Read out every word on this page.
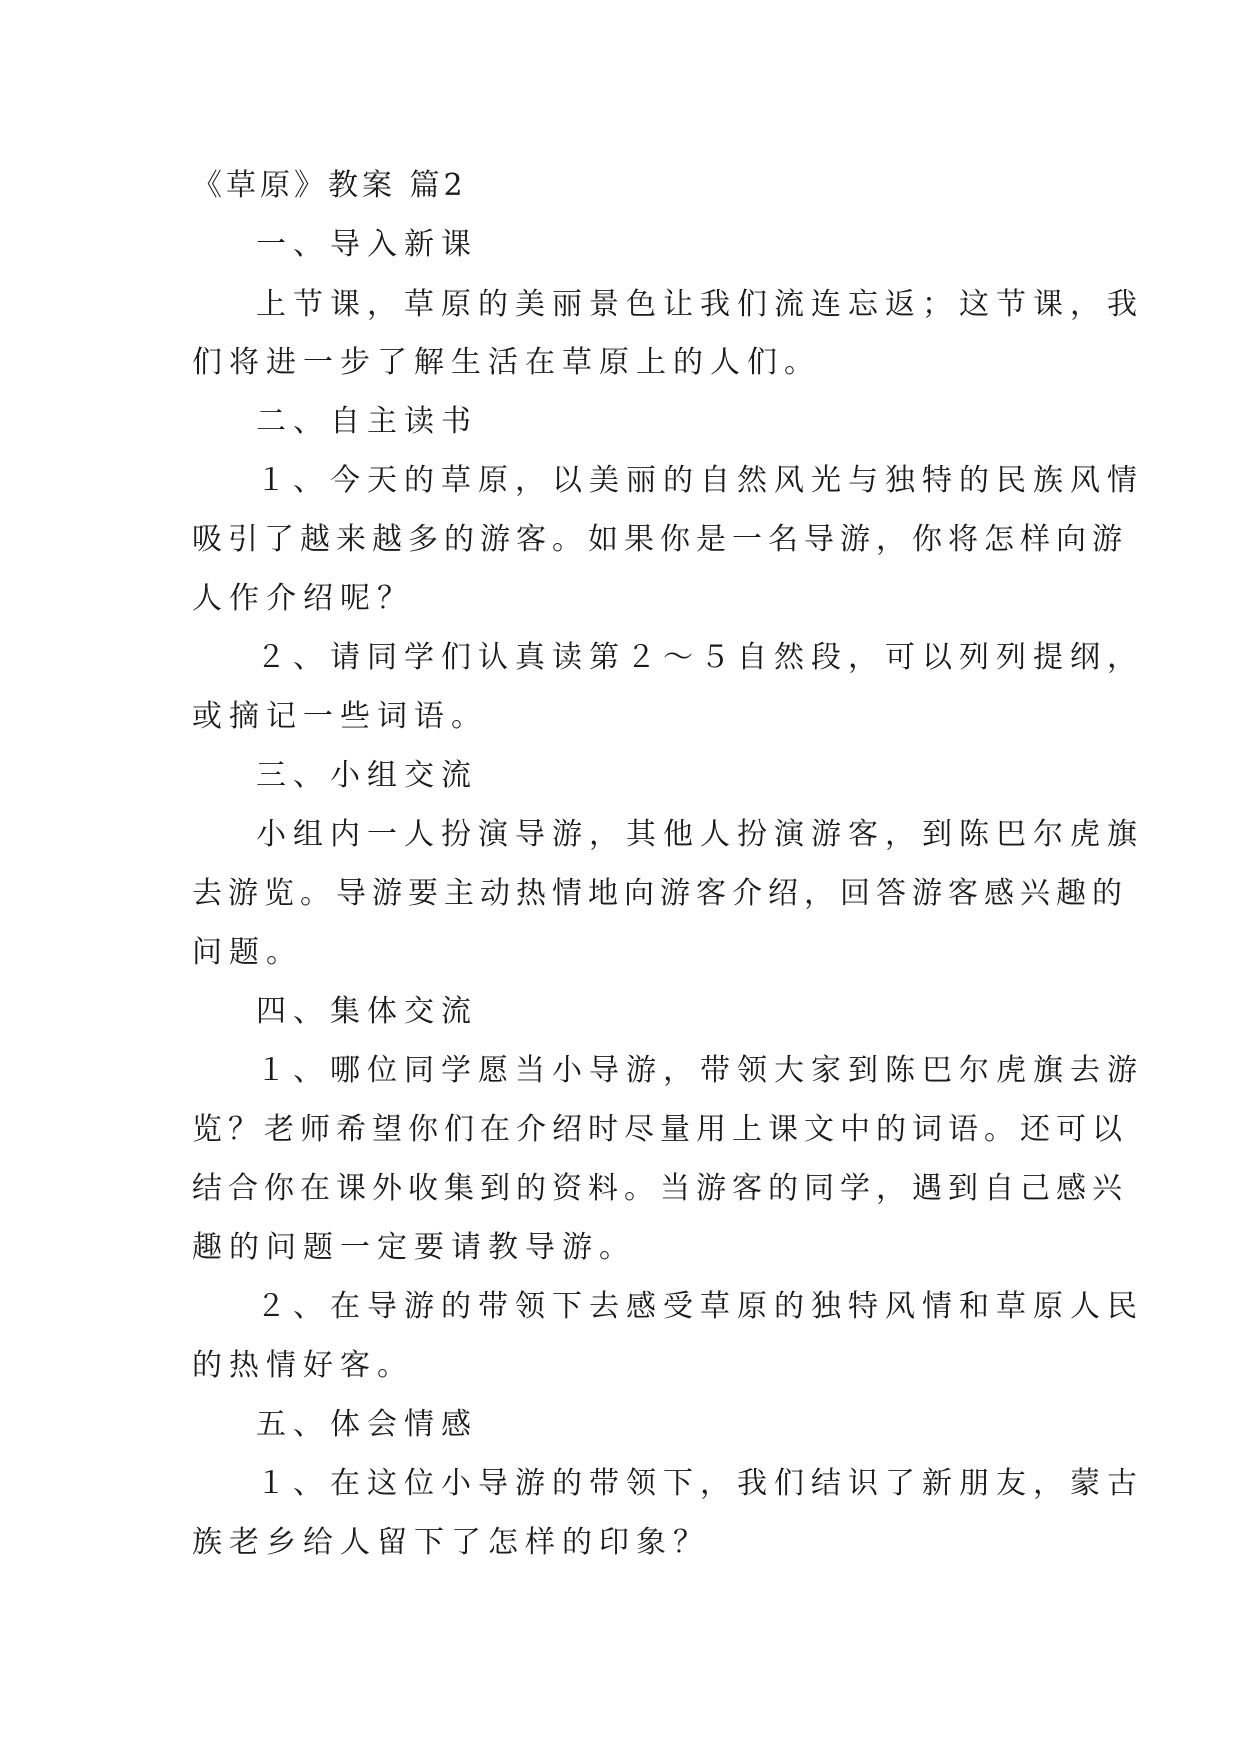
《草原》教案 篇2
一、导入新课
上节课，草原的美丽景色让我们流连忘返；这节课，我
们将进一步了解生活在草原上的人们。
二、自主读书
１、今天的草原，以美丽的自然风光与独特的民族风情
吸引了越来越多的游客。如果你是一名导游，你将怎样向游
人作介绍呢？
２、请同学们认真读第２～５自然段，可以列列提纲，
或摘记一些词语。
三、小组交流
小组内一人扮演导游，其他人扮演游客，到陈巴尔虎旗
去游览。导游要主动热情地向游客介绍，回答游客感兴趣的
问题。
四、集体交流
１、哪位同学愿当小导游，带领大家到陈巴尔虎旗去游
览？老师希望你们在介绍时尽量用上课文中的词语。还可以
结合你在课外收集到的资料。当游客的同学，遇到自己感兴
趣的问题一定要请教导游。
２、在导游的带领下去感受草原的独特风情和草原人民
的热情好客。
五、体会情感
１、在这位小导游的带领下，我们结识了新朋友，蒙古
族老乡给人留下了怎样的印象？
